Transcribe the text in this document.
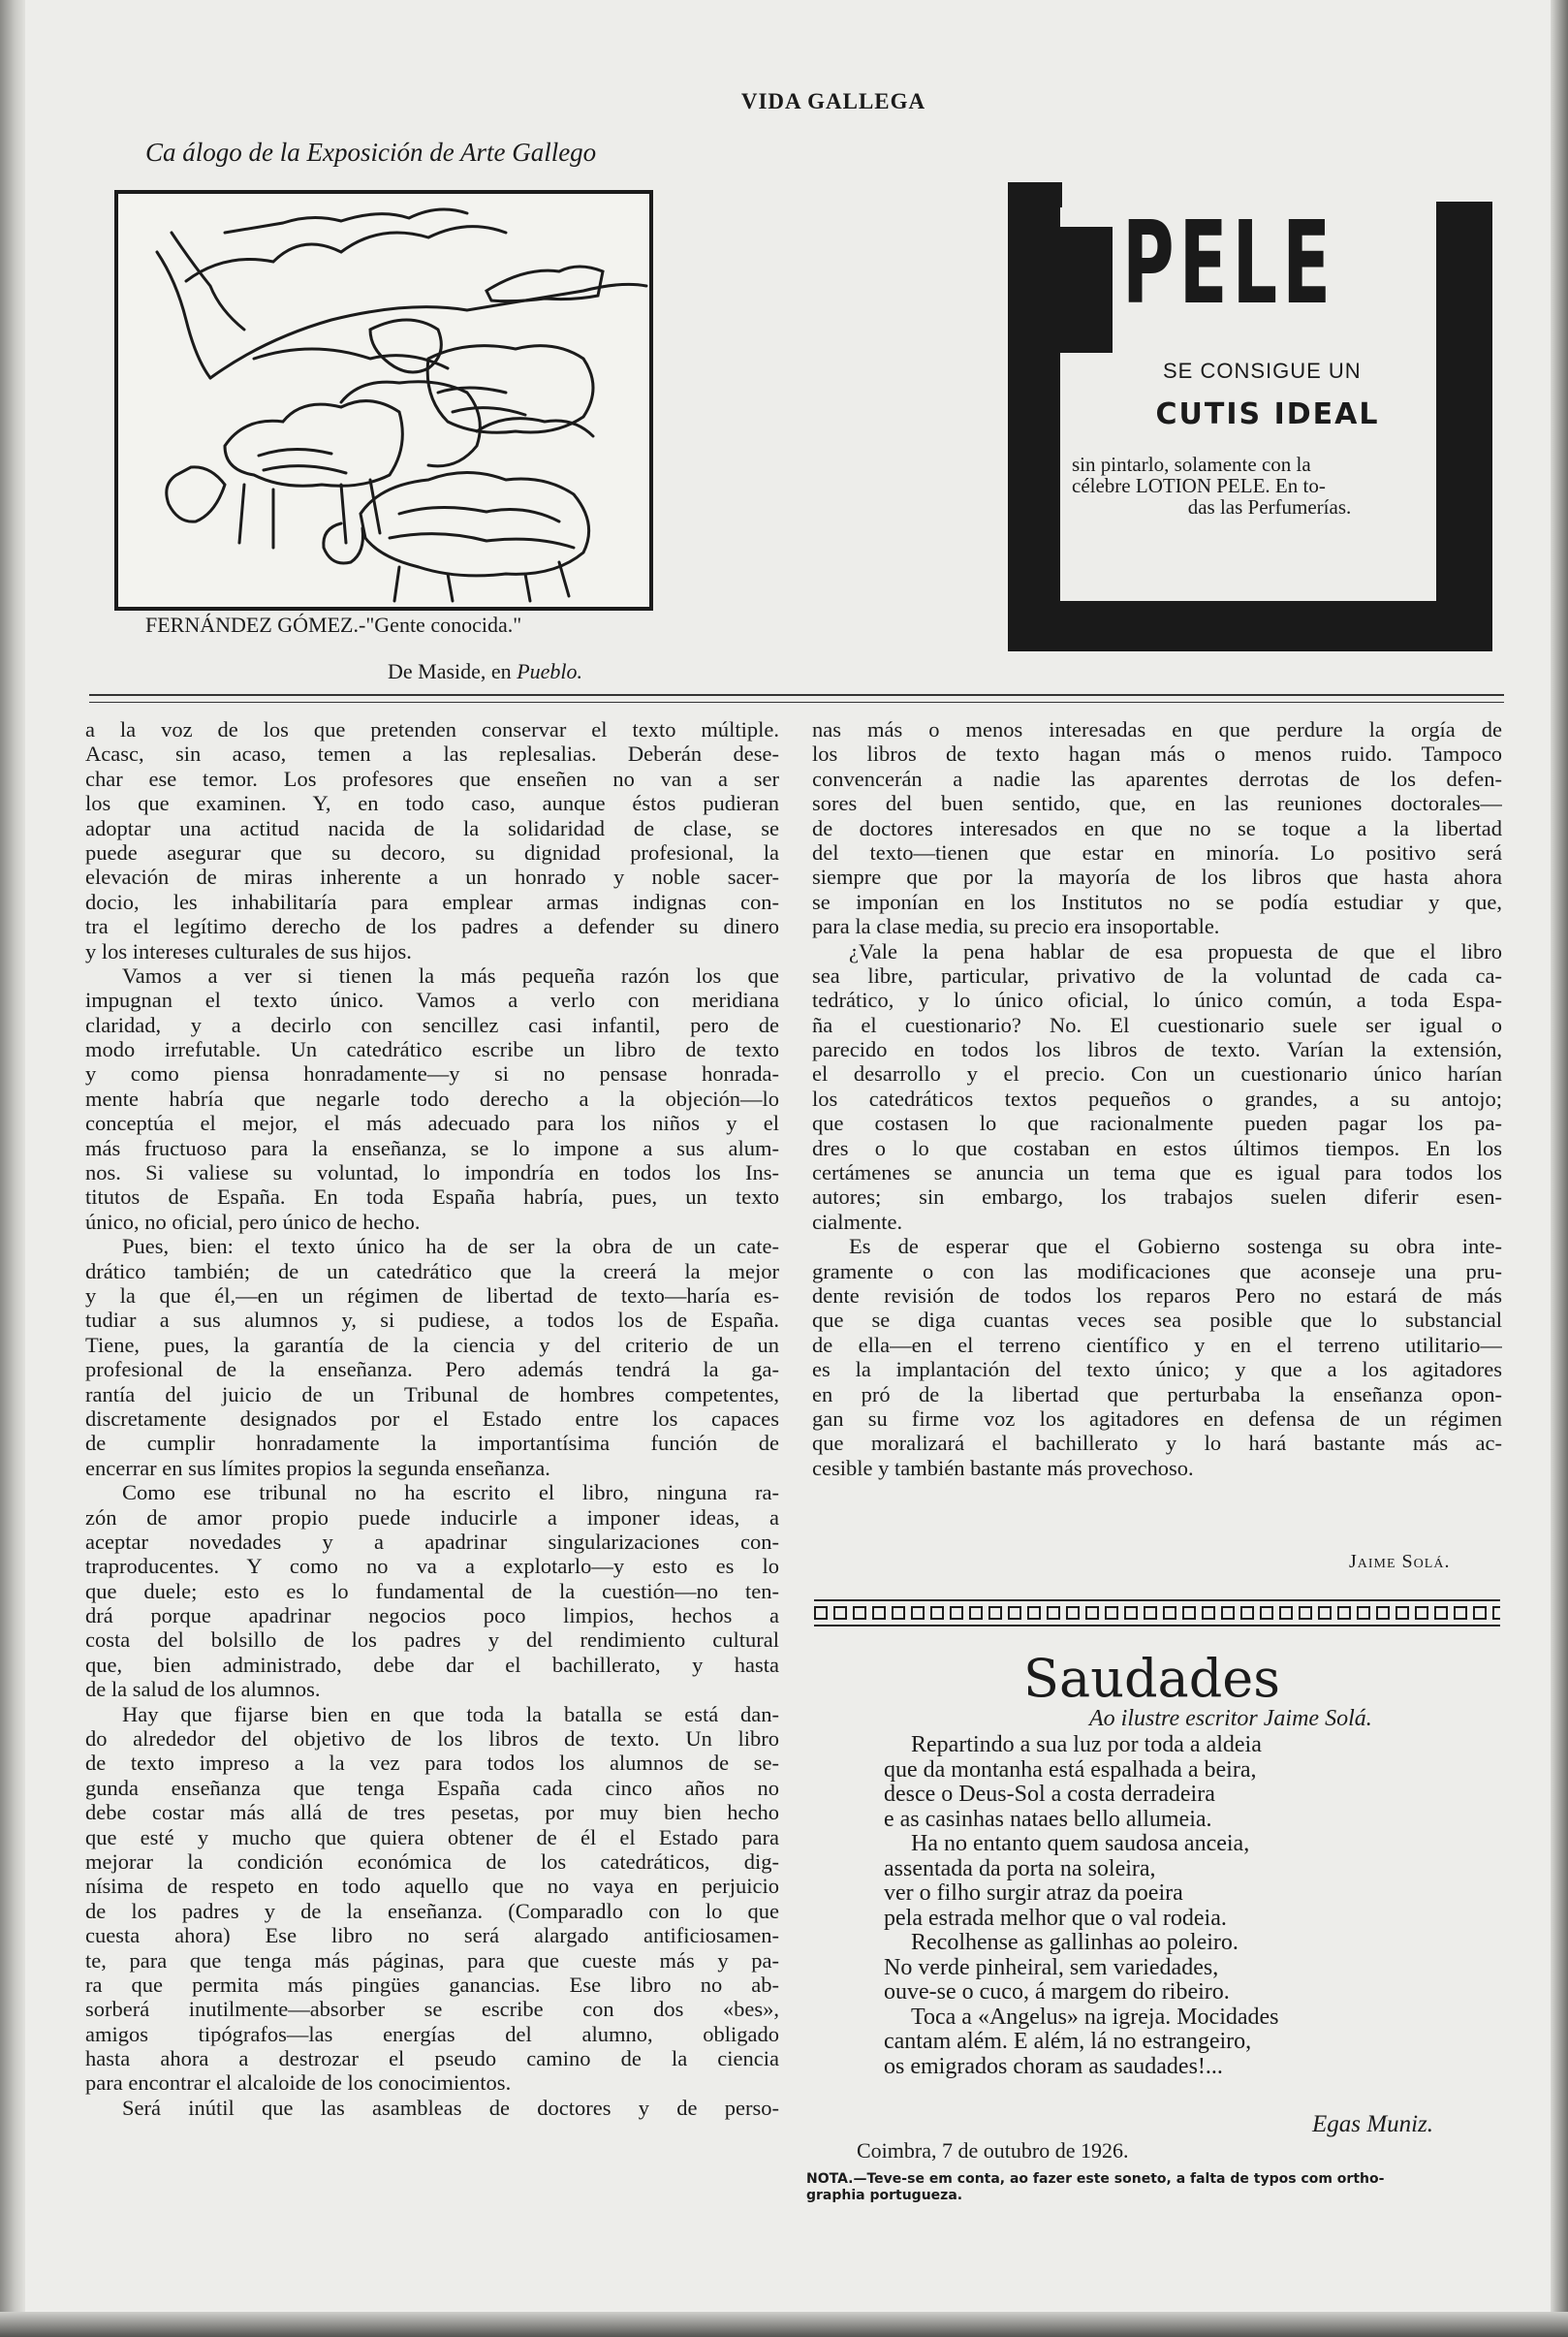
VIDA GALLEGA
Ca álogo de la Exposición de Arte Gallego
FERNÁNDEZ GÓMEZ.-"Gente conocida."
De Maside, en Pueblo.
PELE
SE CONSIGUE UN
CUTIS IDEAL
sin pintarlo, solamente con la
célebre LOTION PELE. En to-
das las Perfumerías.
a la voz de los que pretenden conservar el texto múltiple.
Acasc, sin acaso, temen a las replesalias. Deberán dese-
char ese temor. Los profesores que enseñen no van a ser
los que examinen. Y, en todo caso, aunque éstos pudieran
adoptar una actitud nacida de la solidaridad de clase, se
puede asegurar que su decoro, su dignidad profesional, la
elevación de miras inherente a un honrado y noble sacer-
docio, les inhabilitaría para emplear armas indignas con-
tra el legítimo derecho de los padres a defender su dinero
y los intereses culturales de sus hijos.
Vamos a ver si tienen la más pequeña razón los que
impugnan el texto único. Vamos a verlo con meridiana
claridad, y a decirlo con sencillez casi infantil, pero de
modo irrefutable. Un catedrático escribe un libro de texto
y como piensa honradamente—y si no pensase honrada-
mente habría que negarle todo derecho a la objeción—lo
conceptúa el mejor, el más adecuado para los niños y el
más fructuoso para la enseñanza, se lo impone a sus alum-
nos. Si valiese su voluntad, lo impondría en todos los Ins-
titutos de España. En toda España habría, pues, un texto
único, no oficial, pero único de hecho.
Pues, bien: el texto único ha de ser la obra de un cate-
drático también; de un catedrático que la creerá la mejor
y la que él,—en un régimen de libertad de texto—haría es-
tudiar a sus alumnos y, si pudiese, a todos los de España.
Tiene, pues, la garantía de la ciencia y del criterio de un
profesional de la enseñanza. Pero además tendrá la ga-
rantía del juicio de un Tribunal de hombres competentes,
discretamente designados por el Estado entre los capaces
de cumplir honradamente la importantísima función de
encerrar en sus límites propios la segunda enseñanza.
Como ese tribunal no ha escrito el libro, ninguna ra-
zón de amor propio puede inducirle a imponer ideas, a
aceptar novedades y a apadrinar singularizaciones con-
traproducentes. Y como no va a explotarlo—y esto es lo
que duele; esto es lo fundamental de la cuestión—no ten-
drá porque apadrinar negocios poco limpios, hechos a
costa del bolsillo de los padres y del rendimiento cultural
que, bien administrado, debe dar el bachillerato, y hasta
de la salud de los alumnos.
Hay que fijarse bien en que toda la batalla se está dan-
do alrededor del objetivo de los libros de texto. Un libro
de texto impreso a la vez para todos los alumnos de se-
gunda enseñanza que tenga España cada cinco años no
debe costar más allá de tres pesetas, por muy bien hecho
que esté y mucho que quiera obtener de él el Estado para
mejorar la condición económica de los catedráticos, dig-
nísima de respeto en todo aquello que no vaya en perjuicio
de los padres y de la enseñanza. (Comparadlo con lo que
cuesta ahora) Ese libro no será alargado antificiosamen-
te, para que tenga más páginas, para que cueste más y pa-
ra que permita más pingües ganancias. Ese libro no ab-
sorberá inutilmente—absorber se escribe con dos «bes»,
amigos tipógrafos—las energías del alumno, obligado
hasta ahora a destrozar el pseudo camino de la ciencia
para encontrar el alcaloide de los conocimientos.
Será inútil que las asambleas de doctores y de perso-
nas más o menos interesadas en que perdure la orgía de
los libros de texto hagan más o menos ruido. Tampoco
convencerán a nadie las aparentes derrotas de los defen-
sores del buen sentido, que, en las reuniones doctorales—
de doctores interesados en que no se toque a la libertad
del texto—tienen que estar en minoría. Lo positivo será
siempre que por la mayoría de los libros que hasta ahora
se imponían en los Institutos no se podía estudiar y que,
para la clase media, su precio era insoportable.
¿Vale la pena hablar de esa propuesta de que el libro
sea libre, particular, privativo de la voluntad de cada ca-
tedrático, y lo único oficial, lo único común, a toda Espa-
ña el cuestionario? No. El cuestionario suele ser igual o
parecido en todos los libros de texto. Varían la extensión,
el desarrollo y el precio. Con un cuestionario único harían
los catedráticos textos pequeños o grandes, a su antojo;
que costasen lo que racionalmente pueden pagar los pa-
dres o lo que costaban en estos últimos tiempos. En los
certámenes se anuncia un tema que es igual para todos los
autores; sin embargo, los trabajos suelen diferir esen-
cialmente.
Es de esperar que el Gobierno sostenga su obra inte-
gramente o con las modificaciones que aconseje una pru-
dente revisión de todos los reparos Pero no estará de más
que se diga cuantas veces sea posible que lo substancial
de ella—en el terreno científico y en el terreno utilitario—
es la implantación del texto único; y que a los agitadores
en pró de la libertad que perturbaba la enseñanza opon-
gan su firme voz los agitadores en defensa de un régimen
que moralizará el bachillerato y lo hará bastante más ac-
cesible y también bastante más provechoso.
Jaime Solá.
Saudades
Ao ilustre escritor Jaime Solá.
Repartindo a sua luz por toda a aldeia
que da montanha está espalhada a beira,
desce o Deus-Sol a costa derradeira
e as casinhas nataes bello allumeia.
Ha no entanto quem saudosa anceia,
assentada da porta na soleira,
ver o filho surgir atraz da poeira
pela estrada melhor que o val rodeia.
Recolhense as gallinhas ao poleiro.
No verde pinheiral, sem variedades,
ouve-se o cuco, á margem do ribeiro.
Toca a «Angelus» na igreja. Mocidades
cantam além. E além, lá no estrangeiro,
os emigrados choram as saudades!...
Egas Muniz.
Coimbra, 7 de outubro de 1926.
NOTA.—Teve-se em conta, ao fazer este soneto, a falta de typos com ortho-
graphia portugueza.
